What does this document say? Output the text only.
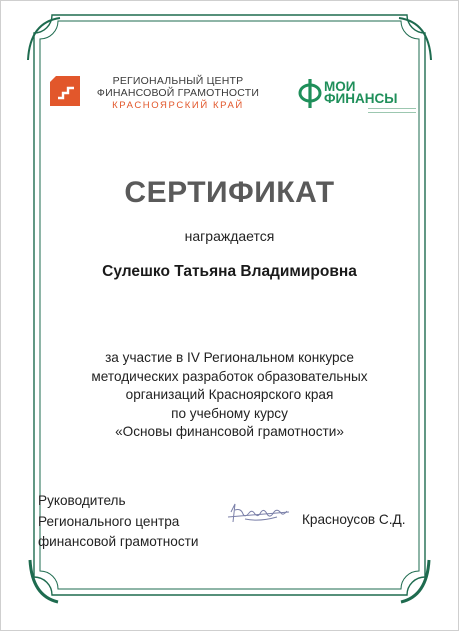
РЕГИОНАЛЬНЫЙ ЦЕНТР
ФИНАНСОВОЙ ГРАМОТНОСТИ
КРАСНОЯРСКИЙ КРАЙ
МОИ
ФИНАНСЫ
СЕРТИФИКАТ
награждается
Сулешко Татьяна Владимировна
за участие в IV Региональном конкурсе
методических разработок образовательных
организаций Красноярского края
по учебному курсу
«Основы финансовой грамотности»
Руководитель
Регионального центра
финансовой грамотности
Красноусов С.Д.
